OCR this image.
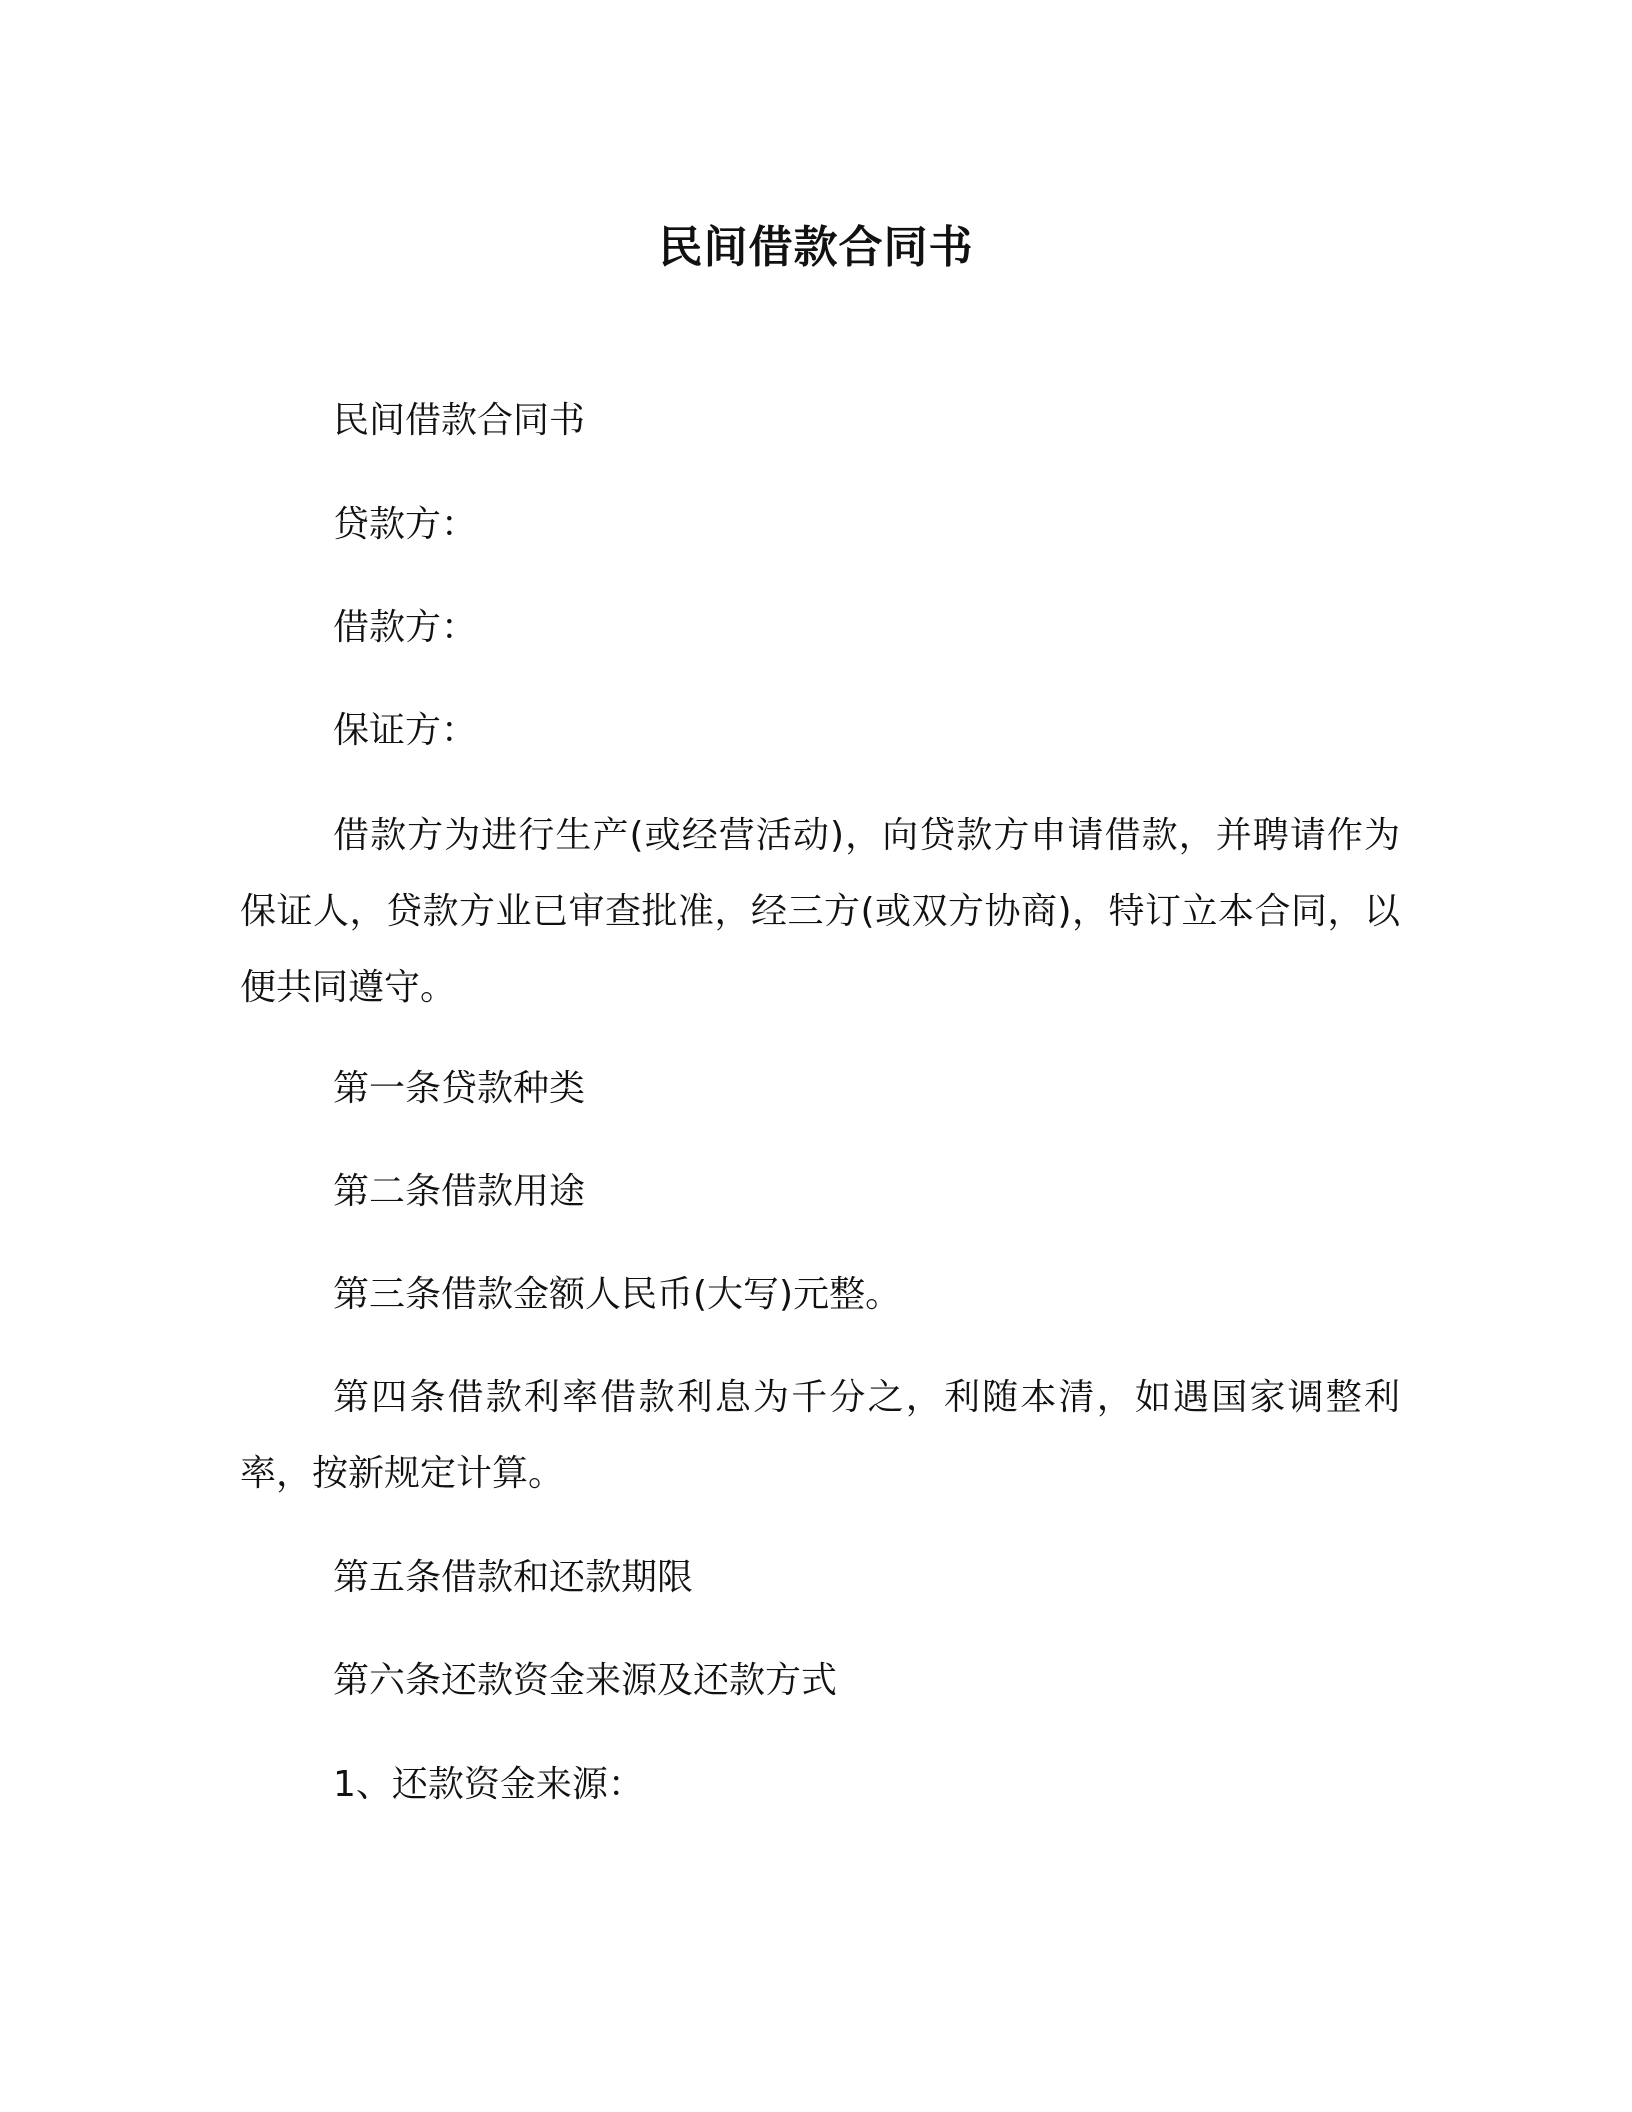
民间借款合同书

民间借款合同书

贷款方：

借款方：

保证方：

借款方为进行生产(或经营活动)，向贷款方申请借款，并聘请作为保证人，贷款方业已审查批准，经三方(或双方协商)，特订立本合同，以便共同遵守。

第一条贷款种类

第二条借款用途

第三条借款金额人民币(大写)元整。

第四条借款利率借款利息为千分之，利随本清，如遇国家调整利率，按新规定计算。

第五条借款和还款期限

第六条还款资金来源及还款方式

1、还款资金来源：
